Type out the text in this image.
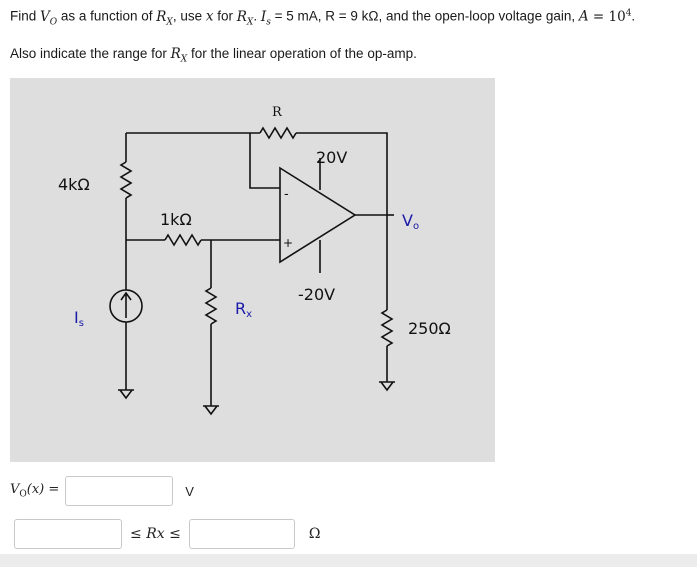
Find $V_O$ as a function of $R_X$, use x for $R_X$. $I_s = 5$ mA, R = 9 kΩ, and the open-loop voltage gain, $A = 10^4$.
Also indicate the range for $R_X$ for the linear operation of the op-amp.
R
4kΩ
1kΩ
20V
-20V
-
+
Vo
Is
Rx
250Ω
$V_O(x)$ =	V
≤ Rx ≤	Ω
